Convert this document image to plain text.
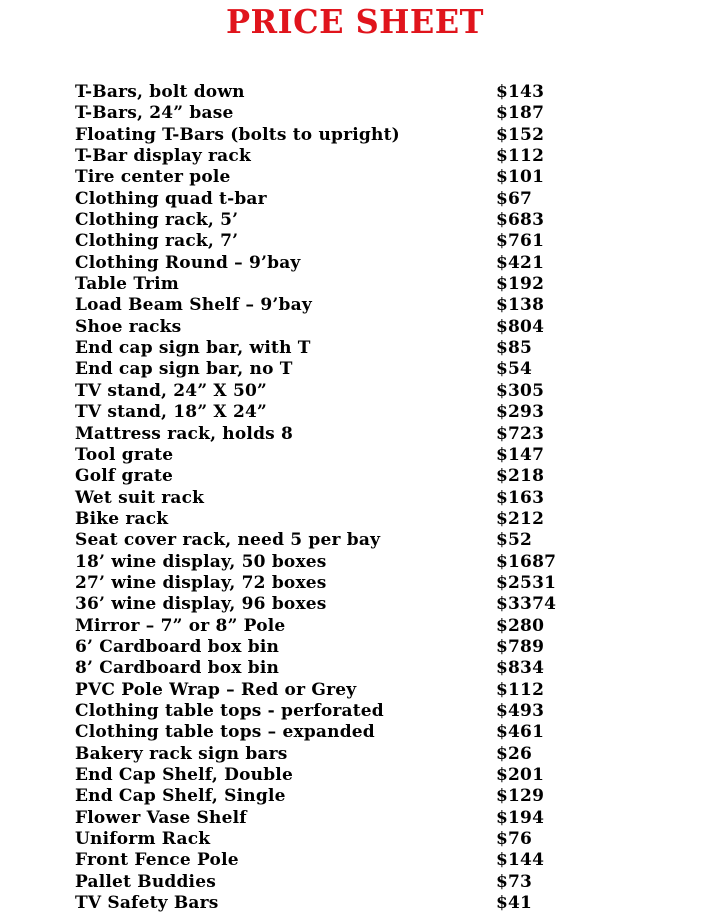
PRICE SHEET
T-Bars, bolt down	$143
T-Bars, 24” base	$187
Floating T-Bars (bolts to upright)	$152
T-Bar display rack	$112
Tire center pole	$101
Clothing quad t-bar	$67
Clothing rack, 5’	$683
Clothing rack, 7’	$761
Clothing Round – 9’bay	$421
Table Trim	$192
Load Beam Shelf – 9’bay	$138
Shoe racks	$804
End cap sign bar, with T	$85
End cap sign bar, no T	$54
TV stand, 24” X 50”	$305
TV stand, 18” X 24”	$293
Mattress rack, holds 8	$723
Tool grate	$147
Golf grate	$218
Wet suit rack	$163
Bike rack	$212
Seat cover rack, need 5 per bay	$52
18’ wine display, 50 boxes	$1687
27’ wine display, 72 boxes	$2531
36’ wine display, 96 boxes	$3374
Mirror – 7” or 8” Pole	$280
6’ Cardboard box bin	$789
8’ Cardboard box bin	$834
PVC Pole Wrap – Red or Grey	$112
Clothing table tops - perforated	$493
Clothing table tops – expanded	$461
Bakery rack sign bars	$26
End Cap Shelf, Double	$201
End Cap Shelf, Single	$129
Flower Vase Shelf	$194
Uniform Rack	$76
Front Fence Pole	$144
Pallet Buddies	$73
TV Safety Bars	$41
